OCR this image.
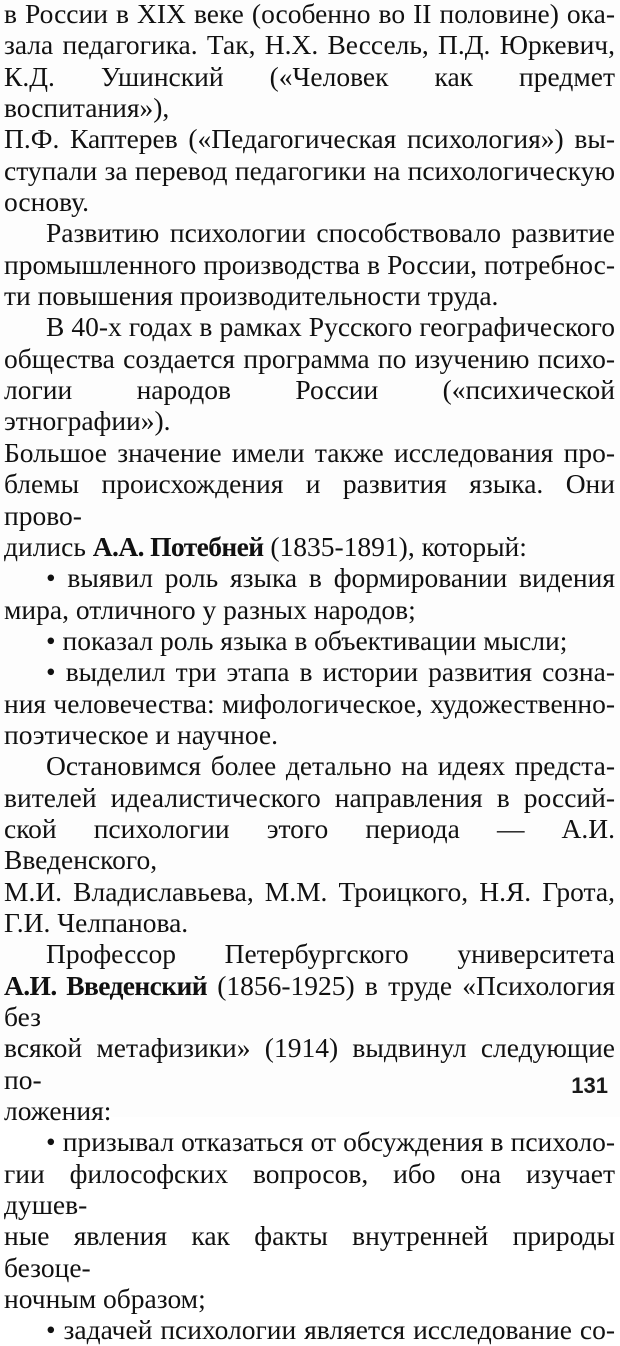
в России в XIX веке (особенно во II половине) ока-
зала педагогика. Так, Н.Х. Вессель, П.Д. Юркевич,
К.Д. Ушинский («Человек как предмет воспитания»),
П.Ф. Каптерев («Педагогическая психология») вы-
ступали за перевод педагогики на психологическую
основу.

Развитию психологии способствовало развитие
промышленного производства в России, потребнос-
ти повышения производительности труда.

В 40-х годах в рамках Русского географического
общества создается программа по изучению психо-
логии народов России («психической этнографии»).
Большое значение имели также исследования про-
блемы происхождения и развития языка. Они прово-
дились А.А. Потебней (1835-1891), который:

• выявил роль языка в формировании видения
мира, отличного у разных народов;

• показал роль языка в объективации мысли;

• выделил три этапа в истории развития созна-
ния человечества: мифологическое, художественно-
поэтическое и научное.

Остановимся более детально на идеях предста-
вителей идеалистического направления в россий-
ской психологии этого периода — А.И. Введенского,
М.И. Владиславьева, М.М. Троицкого, Н.Я. Грота,
Г.И. Челпанова.

Профессор Петербургского университета
А.И. Введенский (1856-1925) в труде «Психология без
всякой метафизики» (1914) выдвинул следующие по-
ложения:

• призывал отказаться от обсуждения в психоло-
гии философских вопросов, ибо она изучает душев-
ные явления как факты внутренней природы безоце-
ночным образом;

• задачей психологии является исследование со-

131
